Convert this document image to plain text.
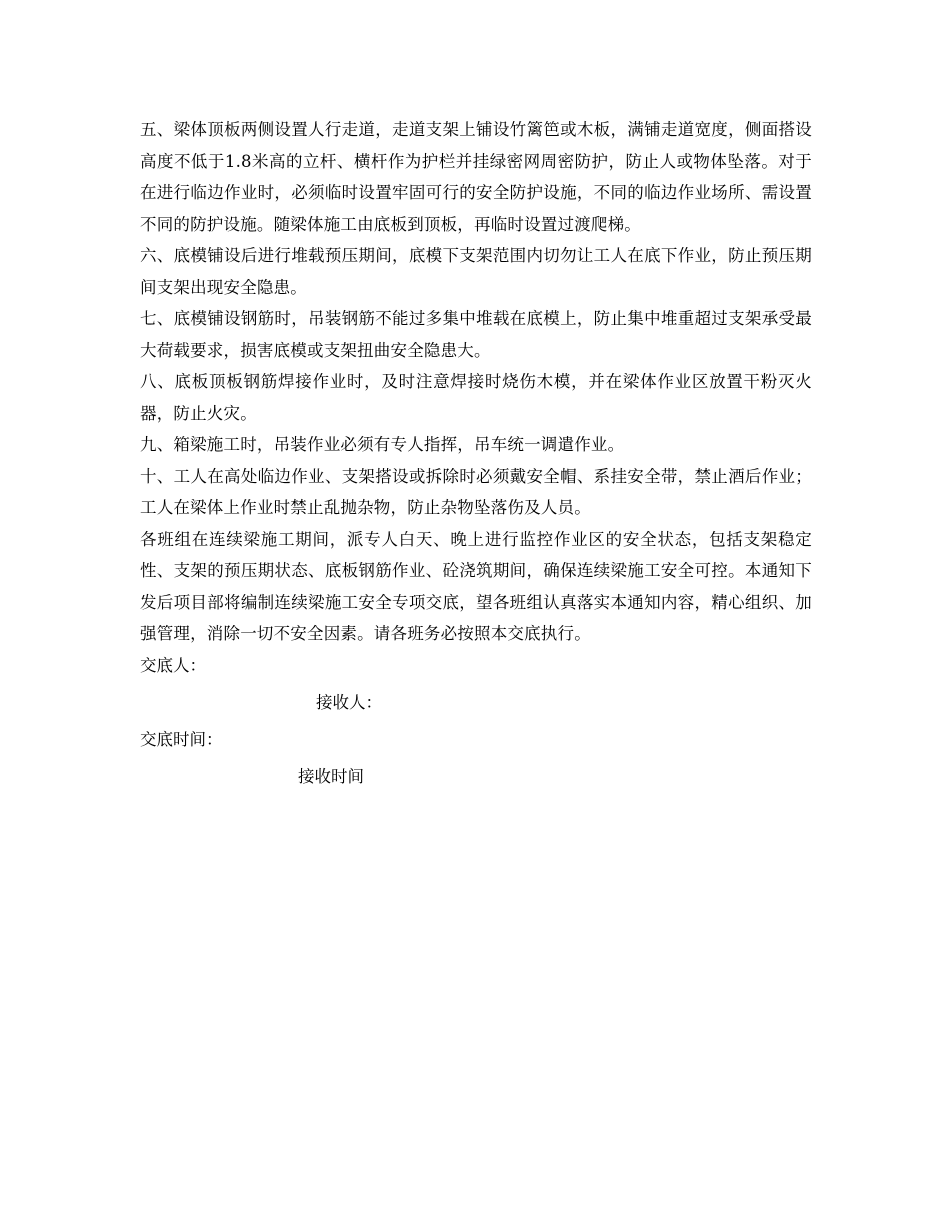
五、梁体顶板两侧设置人行走道，走道支架上铺设竹篱笆或木板，满铺走道宽度，侧面搭设高度不低于1.8米高的立杆、横杆作为护栏并挂绿密网周密防护，防止人或物体坠落。对于在进行临边作业时，必须临时设置牢固可行的安全防护设施，不同的临边作业场所、需设置不同的防护设施。随梁体施工由底板到顶板，再临时设置过渡爬梯。

六、底模铺设后进行堆载预压期间，底模下支架范围内切勿让工人在底下作业，防止预压期间支架出现安全隐患。

七、底模铺设钢筋时，吊装钢筋不能过多集中堆载在底模上，防止集中堆重超过支架承受最大荷载要求，损害底模或支架扭曲安全隐患大。

八、底板顶板钢筋焊接作业时，及时注意焊接时烧伤木模，并在梁体作业区放置干粉灭火器，防止火灾。

九、箱梁施工时，吊装作业必须有专人指挥，吊车统一调遣作业。

十、工人在高处临边作业、支架搭设或拆除时必须戴安全帽、系挂安全带，禁止酒后作业；工人在梁体上作业时禁止乱抛杂物，防止杂物坠落伤及人员。

各班组在连续梁施工期间，派专人白天、晚上进行监控作业区的安全状态，包括支架稳定性、支架的预压期状态、底板钢筋作业、砼浇筑期间，确保连续梁施工安全可控。本通知下发后项目部将编制连续梁施工安全专项交底，望各班组认真落实本通知内容，精心组织、加强管理，消除一切不安全因素。请各班务必按照本交底执行。

交底人：
接收人：
交底时间：
接收时间
